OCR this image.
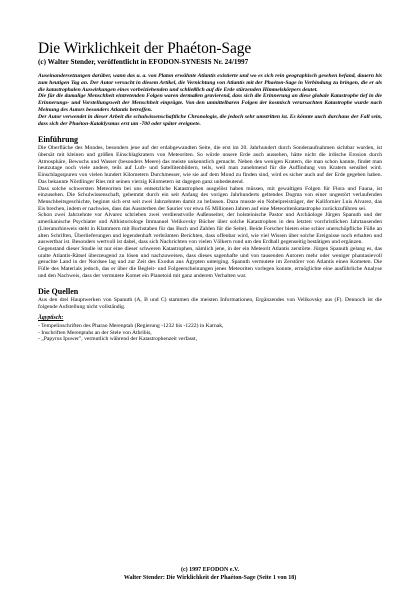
Die Wirklichkeit der Phaéton-Sage
(c) Walter Stender, veröffentlicht in EFODON-SYNESIS Nr. 24/1997

Auseinandersetzungen darüber, wann das u. a. von Platon erwähnte Atlantis existierte und wo es sich rein geographisch gesehen befand, dauern bis zum heutigen Tag an. Der Autor versucht in diesem Artikel, die Vernichtung von Atlantis mit der Phaéton-Sage in Verbindung zu bringen, die er als die katastrophalen Auswirkungen eines vorbeiziehenden und schließlich auf die Erde stürzenden Himmelskörpers deutet.

Die für die damalige Menschheit eintretenden Folgen waren dermaßen gravierend, dass sich die Erinnerung an diese globale Katastrophe tief in die Erinnerungs- und Vorstellungswelt der Menschheit einprägte. Von den unmittelbaren Folgen der kosmisch verursachten Katastrophe wurde nach Meinung des Autors besonders Atlantis betroffen.

Der Autor verwendet in dieser Arbeit die schulwissenschaftliche Chronologie, die jedoch sehr umstritten ist. Es könnte auch durchaus der Fall sein, dass sich der Phaéton-Kataklysmus erst um -700 oder später ereignete.

Einführung

Die Oberfläche des Mondes, besonders jene auf der erdabgewandten Seite, die erst im 20. Jahrhundert durch Sondenaufnahmen sichtbar wurden, ist übersät mit kleinen und größen Einschlagkratern von Meteoriten. So würde unsere Erde auch aussehen, hätte nicht die irdische Erosion durch Atmosphäre, Bewuchs und Wasser (besonders Meere) das meiste unkenntlich gemacht. Neben den wenigen Kratern, die man schon kannte, findet man heutzutage noch viele andere, teils auf Luft- und Satellitenbildern, teils, weil man zunehmend für die Auffindung von Kratern sensibel wird. Einschlagsspuren von vielen hundert Kilometern Durchmesser, wie sie auf dem Mond zu finden sind, wird es sicher auch auf der Erde gegeben haben. Das bekannte Nördlinger Ries mit seinen vierzig Kilometern ist dagegen ganz unbedeutend.

Dass solche schwersten Meteoriten bei uns entsetzliche Katastrophen ausgelöst haben müssen, mit gewaltigen Folgen für Flora und Fauna, ist einzusehen. Die Schulwissenschaft, gehemmt durch ein seit Anfang des vorigen Jahrhunderts geltendes Dogma von einer ungestört verlaufenden Menschheitsgeschichte, beginnt sich erst seit zwei Jahrzehnten damit zu befassen. Dazu musste ein Nobelpreisträger, der Kalifornier Luis Alvarez, das Eis brechen, indem er nachwies, dass das Aussterben der Saurier vor etwa 65 Millionen Jahren auf eine Meteoritenkatastrophe zurückzuführen sei.

Schon zwei Jahrzehnte vor Alvarez schrieben zwei verdienstvolle Außenseiter, der holsteinische Pastor und Archäologe Jürgen Spanuth und der amerikanische Psychiater und Althistoriologe Immanuel Velikovsky Bücher über solche Katastrophen in den letzten vorchristlichen Jahrtausenden (Literaturhinweis steht in Klammern mit Buchstaben für das Buch und Zahlen für die Seite). Beide Forscher bieten eine schier unerschöpfliche Fülle an alten Schriften, Überlieferungen und legendenhaft verbrämten Berichten, dass offenbar wird, wie viel Wissen über solche Ereignisse noch erhalten und auswertbar ist. Besonders wertvoll ist dabei, dass sich Nachrichten von vielen Völkern rund um den Erdball gegenseitig bestätigen und ergänzen.

Gegenstand dieser Studie ist nur eine dieser schweren Katastrophen, nämlich jene, in der ein Meteorit Atlantis zerstörte. Jürgen Spanuth gelang es, das uralte Atlantis-Rätsel überzeugend zu lösen und nachzuweisen, dass dieses sagenhafte und von tausenden Autoren mehr oder weniger phantasievoll gesuchte Land in der Nordsee lag und zur Zeit des Exodus aus Ägypten unterging. Spanuth vermutete im Zerstörer von Atlantis einen Kometen. Die Fülle des Materials jedoch, das er über die Begleit- und Folgeerscheinungen jenes Meteoriten vorlegen konnte, ermöglichte eine ausführliche Analyse und den Nachweis, dass der vermutete Komet ein Planetoid mit ganz anderem Verhalten war.

Die Quellen

Aus den drei Hauptwerken von Spanuth (A, B und C) stammen die meisten Informationen, Ergänzendes von Velikovsky aus (F). Dennoch ist die folgende Aufstellung nicht vollständig.

Ägyptisch:
- Tempelinschriften des Pharao Merenptah (Regierung -1232 bis -1222) in Karnak,
- Inschriften Merenptahs an der Stele von Athribis,
- „Papyrus Ipuwer", vermutlich während der Katastrophenzeit verfasst,
(c) 1997 EFODON e.V.
Walter Stender: Die Wirklichkeit der Phaéton-Sage (Seite 1 von 18)
